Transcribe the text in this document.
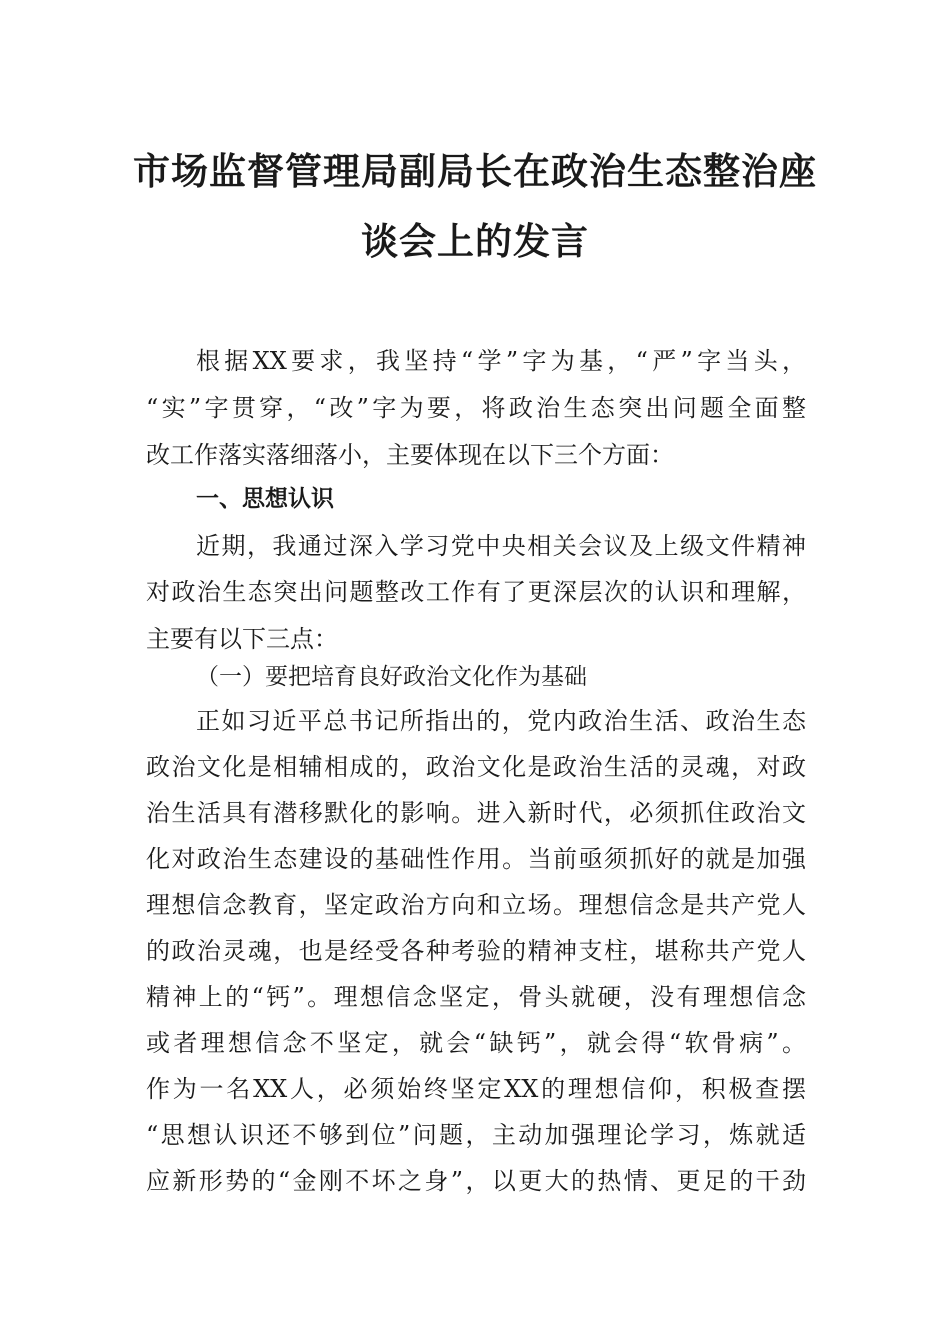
市场监督管理局副局长在政治生态整治座
谈会上的发言

根据XX要求，我坚持“学”字为基，“严”字当头，

“实”字贯穿，“改”字为要，将政治生态突出问题全面整

改工作落实落细落小，主要体现在以下三个方面：

一、思想认识

近期，我通过深入学习党中央相关会议及上级文件精神

对政治生态突出问题整改工作有了更深层次的认识和理解，

主要有以下三点：

（一）要把培育良好政治文化作为基础

正如习近平总书记所指出的，党内政治生活、政治生态

政治文化是相辅相成的，政治文化是政治生活的灵魂，对政

治生活具有潜移默化的影响。进入新时代，必须抓住政治文

化对政治生态建设的基础性作用。当前亟须抓好的就是加强

理想信念教育，坚定政治方向和立场。理想信念是共产党人

的政治灵魂，也是经受各种考验的精神支柱，堪称共产党人

精神上的“钙”。理想信念坚定，骨头就硬，没有理想信念

或者理想信念不坚定，就会“缺钙”，就会得“软骨病”。

作为一名XX人，必须始终坚定XX的理想信仰，积极查摆

“思想认识还不够到位”问题，主动加强理论学习，炼就适

应新形势的“金刚不坏之身”，以更大的热情、更足的干劲
